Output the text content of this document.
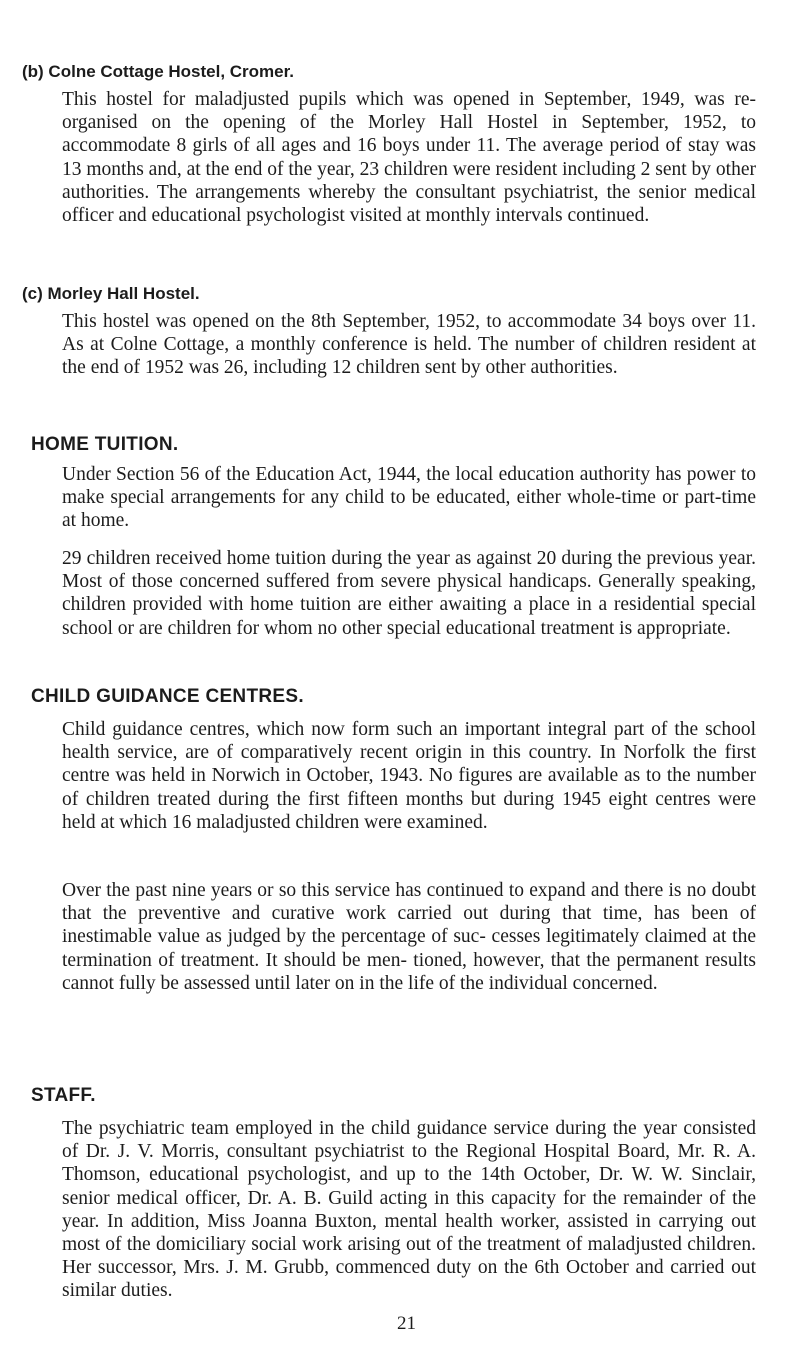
(b) Colne Cottage Hostel, Cromer.

This hostel for maladjusted pupils which was opened in September, 1949, was re-organised on the opening of the Morley Hall Hostel in September, 1952, to accommodate 8 girls of all ages and 16 boys under 11. The average period of stay was 13 months and, at the end of the year, 23 children were resident including 2 sent by other authorities. The arrangements whereby the consultant psychiatrist, the senior medical officer and educational psychologist visited at monthly intervals continued.

(c) Morley Hall Hostel.

This hostel was opened on the 8th September, 1952, to accommodate 34 boys over 11. As at Colne Cottage, a monthly conference is held. The number of children resident at the end of 1952 was 26, including 12 children sent by other authorities.

HOME TUITION.

Under Section 56 of the Education Act, 1944, the local education authority has power to make special arrangements for any child to be educated, either whole-time or part-time at home.

29 children received home tuition during the year as against 20 during the previous year. Most of those concerned suffered from severe physical handicaps. Generally speaking, children provided with home tuition are either awaiting a place in a residential special school or are children for whom no other special educational treatment is appropriate.

CHILD GUIDANCE CENTRES.

Child guidance centres, which now form such an important integral part of the school health service, are of comparatively recent origin in this country. In Norfolk the first centre was held in Norwich in October, 1943. No figures are available as to the number of children treated during the first fifteen months but during 1945 eight centres were held at which 16 maladjusted children were examined.

Over the past nine years or so this service has continued to expand and there is no doubt that the preventive and curative work carried out during that time, has been of inestimable value as judged by the percentage of suc- cesses legitimately claimed at the termination of treatment. It should be men- tioned, however, that the permanent results cannot fully be assessed until later on in the life of the individual concerned.

STAFF.

The psychiatric team employed in the child guidance service during the year consisted of Dr. J. V. Morris, consultant psychiatrist to the Regional Hospital Board, Mr. R. A. Thomson, educational psychologist, and up to the 14th October, Dr. W. W. Sinclair, senior medical officer, Dr. A. B. Guild acting in this capacity for the remainder of the year. In addition, Miss Joanna Buxton, mental health worker, assisted in carrying out most of the domiciliary social work arising out of the treatment of maladjusted children. Her successor, Mrs. J. M. Grubb, commenced duty on the 6th October and carried out similar duties.

21
